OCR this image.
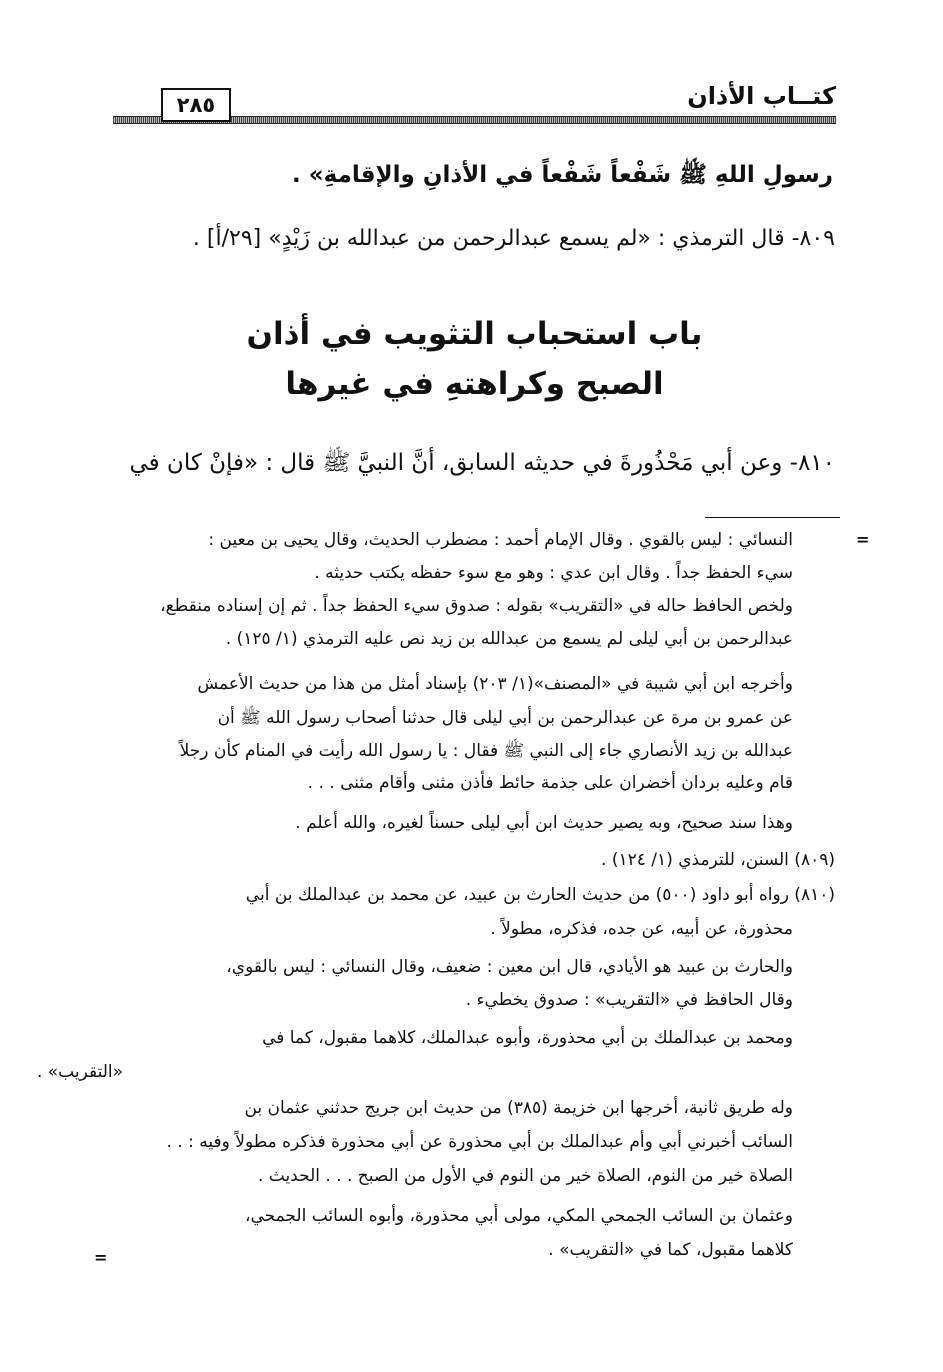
كتــاب الأذان
٢٨٥
رسولِ اللهِ ﷺ شَفْعاً شَفْعاً في الأذانِ والإقامةِ» .
٨٠٩- قال الترمذي : «لم يسمع عبدالرحمن من عبدالله بن زَيْدٍ» [٢٩/أ] .
باب استحباب التثويب في أذان
الصبح وكراهتهِ في غيرها
٨١٠- وعن أبي مَحْذُورةَ في حديثه السابق، أنَّ النبيَّ ﷺ قال : «فإنْ كان في
=
النسائي : ليس بالقوي . وقال الإمام أحمد : مضطرب الحديث، وقال يحيى بن معين :
سيء الحفظ جداً . وقال ابن عدي : وهو مع سوء حفظه يكتب حديثه .
ولخص الحافظ حاله في «التقريب» بقوله : صدوق سيء الحفظ جداً . ثم إن إسناده منقطع،
عبدالرحمن بن أبي ليلى لم يسمع من عبدالله بن زيد نص عليه الترمذي (١/ ١٢٥) .
وأخرجه ابن أبي شيبة في «المصنف»(١/ ٢٠٣) بإسناد أمثل من هذا من حديث الأعمش
عن عمرو بن مرة عن عبدالرحمن بن أبي ليلى قال حدثنا أصحاب رسول الله ﷺ أن
عبدالله بن زيد الأنصاري جاء إلى النبي ﷺ فقال : يا رسول الله رأيت في المنام كأن رجلاً
قام وعليه بردان أخضران على جذمة حائط فأذن مثنى وأقام مثنى . . .
وهذا سند صحيح، وبه يصير حديث ابن أبي ليلى حسناً لغيره، والله أعلم .
(٨٠٩) السنن، للترمذي (١/ ١٢٤) .
(٨١٠) رواه أبو داود (٥٠٠) من حديث الحارث بن عبيد، عن محمد بن عبدالملك بن أبي
محذورة، عن أبيه، عن جده، فذكره، مطولاً .
والحارث بن عبيد هو الأيادي، قال ابن معين : ضعيف، وقال النسائي : ليس بالقوي،
وقال الحافظ في «التقريب» : صدوق يخطيء .
ومحمد بن عبدالملك بن أبي محذورة، وأبوه عبدالملك، كلاهما مقبول، كما في
«التقريب» .
وله طريق ثانية، أخرجها ابن خزيمة (٣٨٥) من حديث ابن جريج حدثني عثمان بن
السائب أخبرني أبي وأم عبدالملك بن أبي محذورة عن أبي محذورة فذكره مطولاً وفيه : . .
الصلاة خير من النوم، الصلاة خير من النوم في الأول من الصبح . . . الحديث .
وعثمان بن السائب الجمحي المكي، مولى أبي محذورة، وأبوه السائب الجمحي،
كلاهما مقبول، كما في «التقريب» .
=
